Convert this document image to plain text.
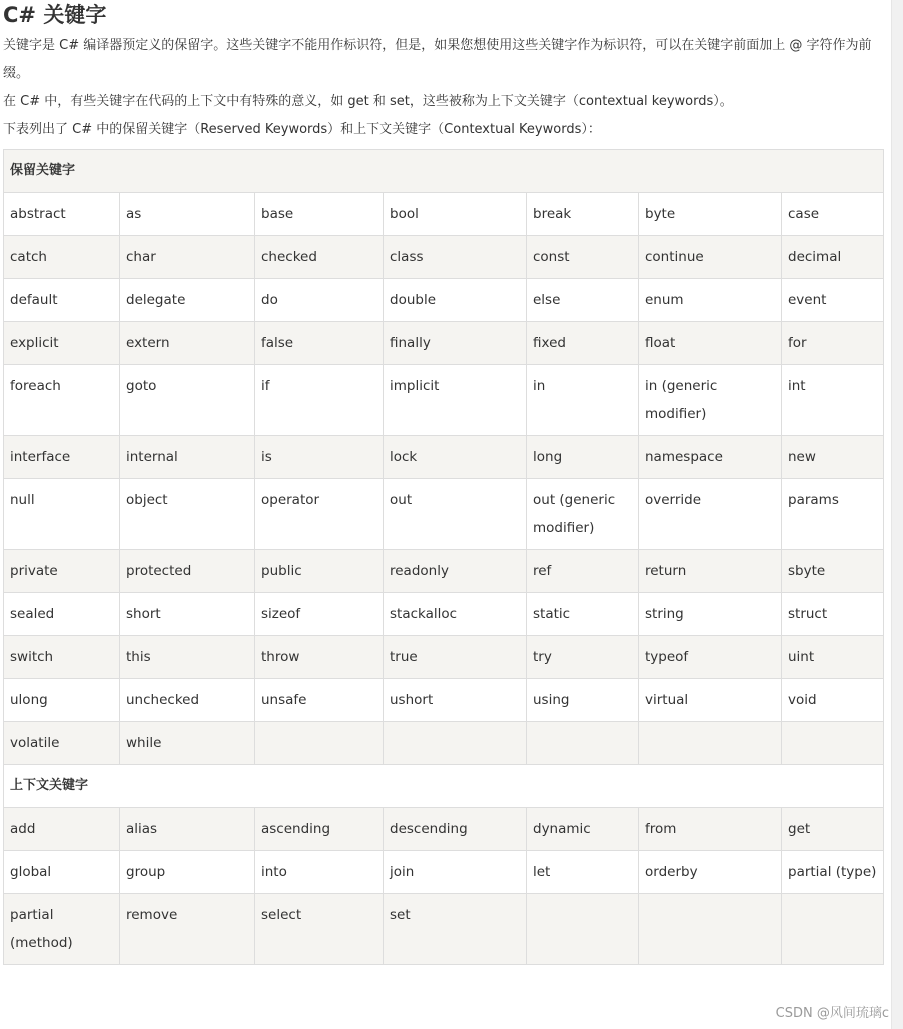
C# 关键字

关键字是 C# 编译器预定义的保留字。这些关键字不能用作标识符，但是，如果您想使用这些关键字作为标识符，可以在关键字前面加上 @ 字符作为前缀。

在 C# 中，有些关键字在代码的上下文中有特殊的意义，如 get 和 set，这些被称为上下文关键字（contextual keywords）。

下表列出了 C# 中的保留关键字（Reserved Keywords）和上下文关键字（Contextual Keywords）：

保留关键字						
abstract	as	base	bool	break	byte	case
catch	char	checked	class	const	continue	decimal
default	delegate	do	double	else	enum	event
explicit	extern	false	finally	fixed	float	for
foreach	goto	if	implicit	in	in (generic modifier)	int
interface	internal	is	lock	long	namespace	new
null	object	operator	out	out (generic modifier)	override	params
private	protected	public	readonly	ref	return	sbyte
sealed	short	sizeof	stackalloc	static	string	struct
switch	this	throw	true	try	typeof	uint
ulong	unchecked	unsafe	ushort	using	virtual	void
volatile	while					
上下文关键字						
add	alias	ascending	descending	dynamic	from	get
global	group	into	join	let	orderby	partial (type)
partial (method)	remove	select	set			
CSDN @风间琉璃c
